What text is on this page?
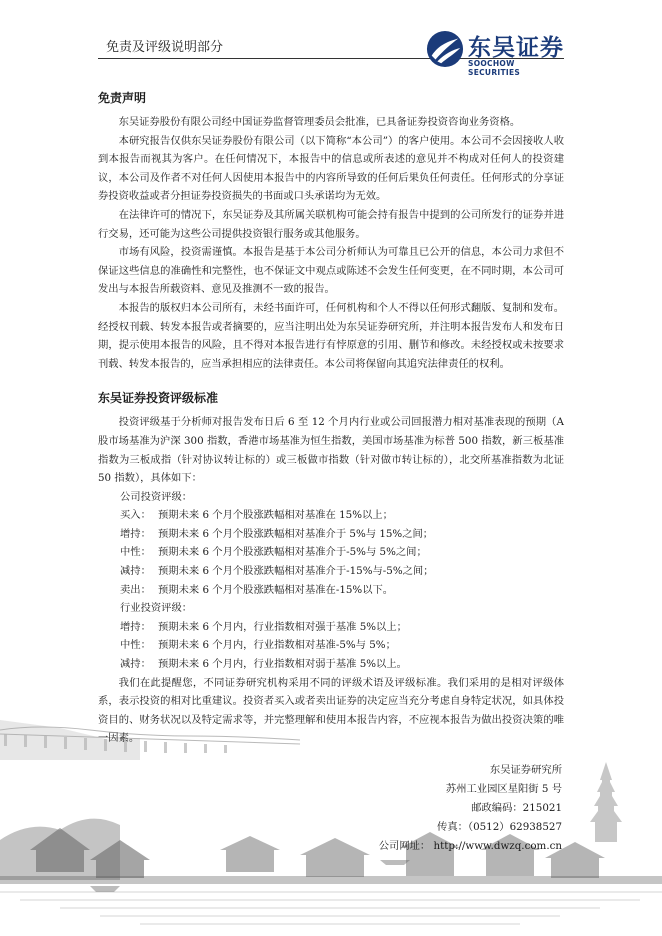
免责及评级说明部分	东吴证券
SOOCHOW SECURITIES
免责声明

东吴证券股份有限公司经中国证券监督管理委员会批准，已具备证券投资咨询业务资格。

本研究报告仅供东吴证券股份有限公司（以下简称“本公司”）的客户使用。本公司不会因接收人收到本报告而视其为客户。在任何情况下，本报告中的信息或所表述的意见并不构成对任何人的投资建议，本公司及作者不对任何人因使用本报告中的内容所导致的任何后果负任何责任。任何形式的分享证券投资收益或者分担证券投资损失的书面或口头承诺均为无效。

在法律许可的情况下，东吴证券及其所属关联机构可能会持有报告中提到的公司所发行的证券并进行交易，还可能为这些公司提供投资银行服务或其他服务。

市场有风险，投资需谨慎。本报告是基于本公司分析师认为可靠且已公开的信息，本公司力求但不保证这些信息的准确性和完整性，也不保证文中观点或陈述不会发生任何变更，在不同时期，本公司可发出与本报告所载资料、意见及推测不一致的报告。

本报告的版权归本公司所有，未经书面许可，任何机构和个人不得以任何形式翻版、复制和发布。经授权刊载、转发本报告或者摘要的，应当注明出处为东吴证券研究所，并注明本报告发布人和发布日期，提示使用本报告的风险，且不得对本报告进行有悖原意的引用、删节和修改。未经授权或未按要求刊载、转发本报告的，应当承担相应的法律责任。本公司将保留向其追究法律责任的权利。

东吴证券投资评级标准

投资评级基于分析师对报告发布日后 6 至 12 个月内行业或公司回报潜力相对基准表现的预期（A 股市场基准为沪深 300 指数，香港市场基准为恒生指数，美国市场基准为标普 500 指数，新三板基准指数为三板成指（针对协议转让标的）或三板做市指数（针对做市转让标的），北交所基准指数为北证 50 指数），具体如下：

公司投资评级：

买入： 预期未来 6 个月个股涨跌幅相对基准在 15%以上；

增持： 预期未来 6 个月个股涨跌幅相对基准介于 5%与 15%之间；

中性： 预期未来 6 个月个股涨跌幅相对基准介于-5%与 5%之间；

减持： 预期未来 6 个月个股涨跌幅相对基准介于-15%与-5%之间；

卖出： 预期未来 6 个月个股涨跌幅相对基准在-15%以下。

行业投资评级：

增持： 预期未来 6 个月内，行业指数相对强于基准 5%以上；

中性： 预期未来 6 个月内，行业指数相对基准-5%与 5%；

减持： 预期未来 6 个月内，行业指数相对弱于基准 5%以上。

我们在此提醒您，不同证券研究机构采用不同的评级术语及评级标准。我们采用的是相对评级体系，表示投资的相对比重建议。投资者买入或者卖出证券的决定应当充分考虑自身特定状况，如具体投资目的、财务状况以及特定需求等，并完整理解和使用本报告内容，不应视本报告为做出投资决策的唯一因素。

东吴证券研究所
苏州工业园区星阳街 5 号
邮政编码：215021
传真：（0512）62938527
公司网址： http://www.dwzq.com.cn
